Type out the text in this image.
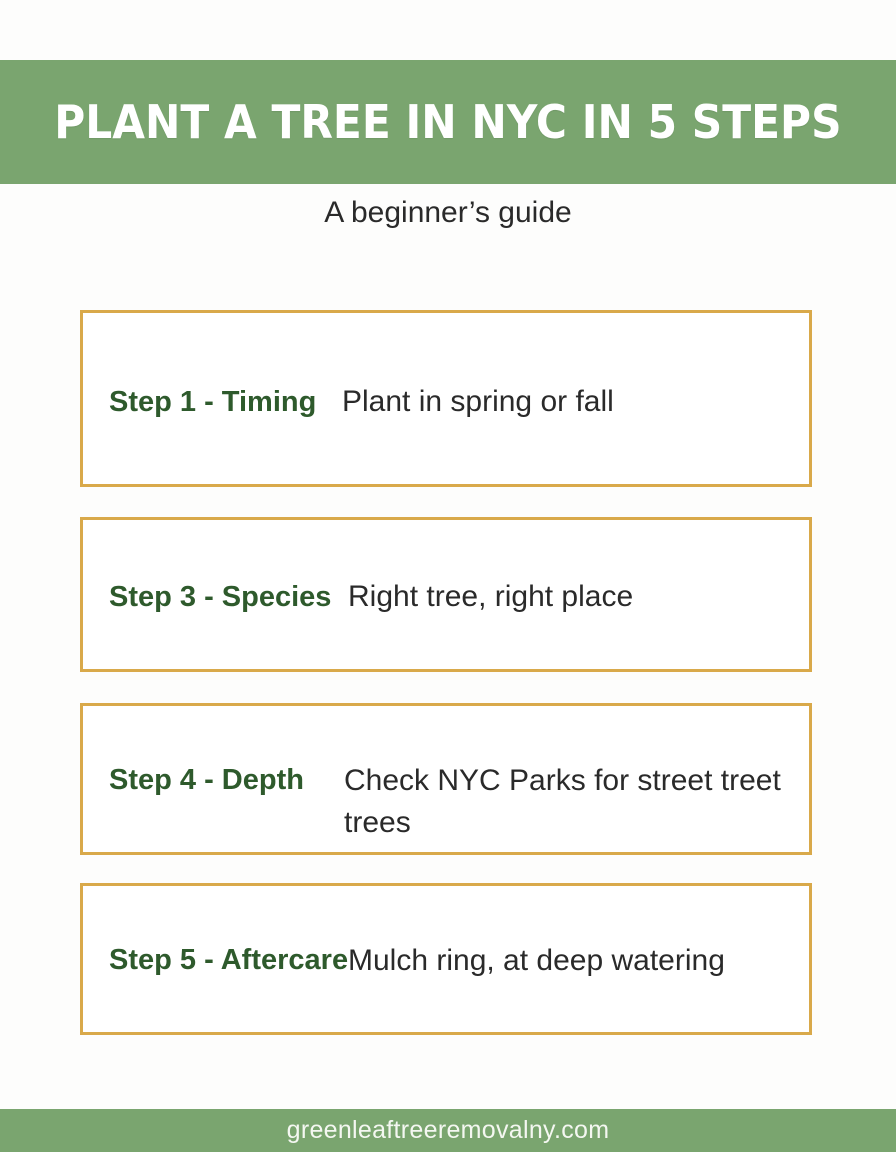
PLANT A TREE IN NYC IN 5 STEPS
A beginner’s guide
Step 1 - Timing Plant in spring or fall
Step 3 - Species Right tree, right place
Step 4 - Depth Check NYC Parks for street treet trees
Step 5 - Aftercare Mulch ring, at deep watering
greenleaftreeremovalny.com
